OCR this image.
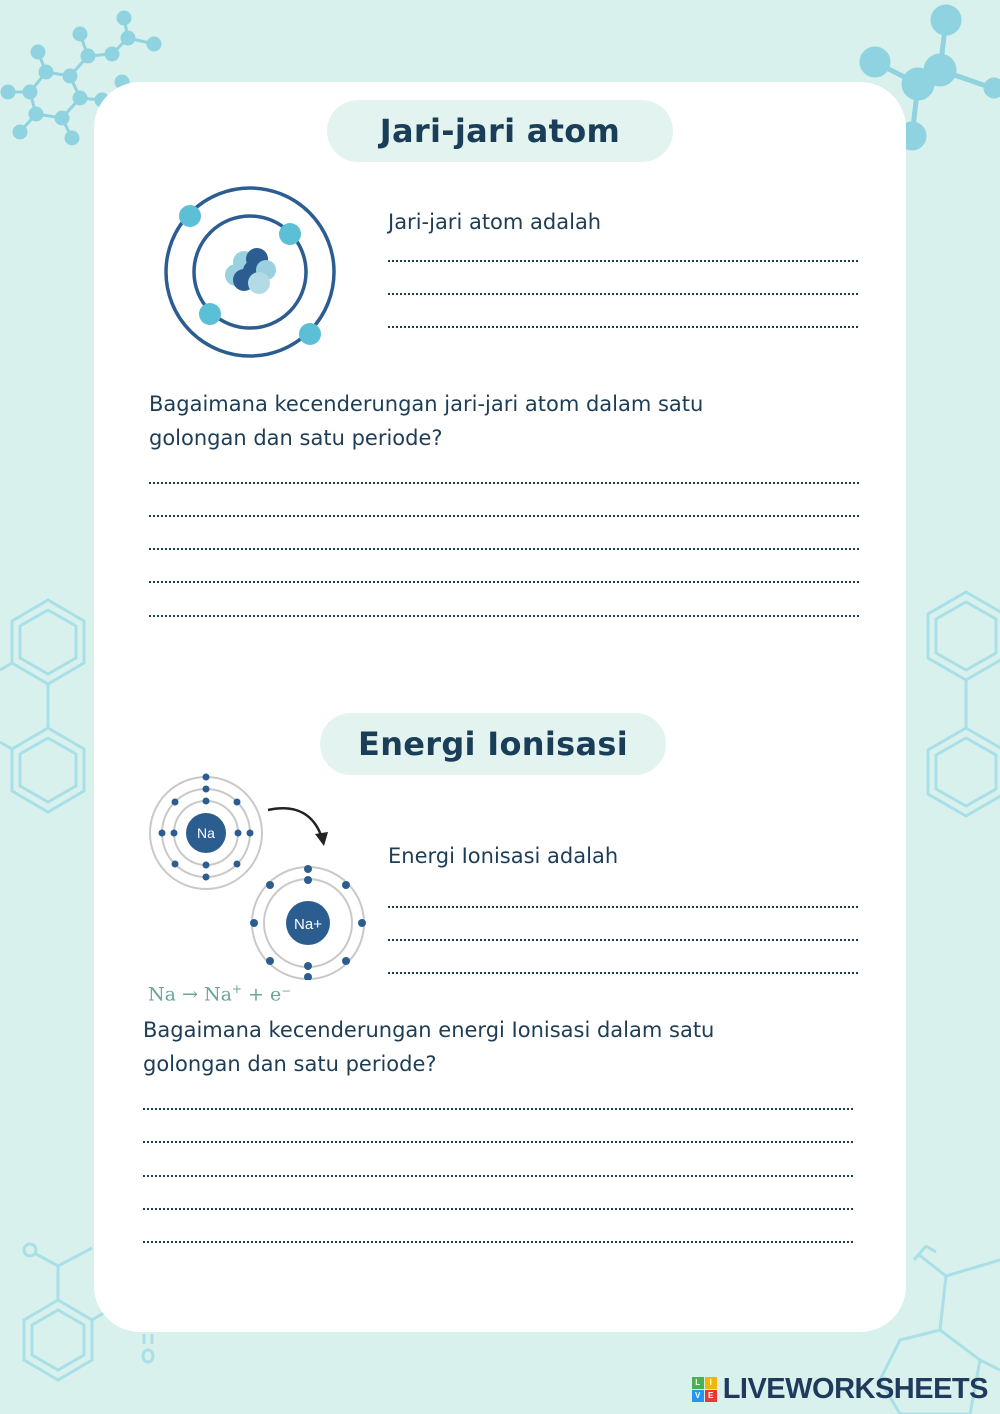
Jari-jari atom
Jari-jari atom adalah
Bagaimana kecenderungan jari-jari atom dalam satu
golongan dan satu periode?
Energi Ionisasi
Na
Na+
Na → Na+ + e⁻
Energi Ionisasi adalah
Bagaimana kecenderungan energi Ionisasi dalam satu
golongan dan satu periode?
L	I
V E LIVEWORKSHEETS
